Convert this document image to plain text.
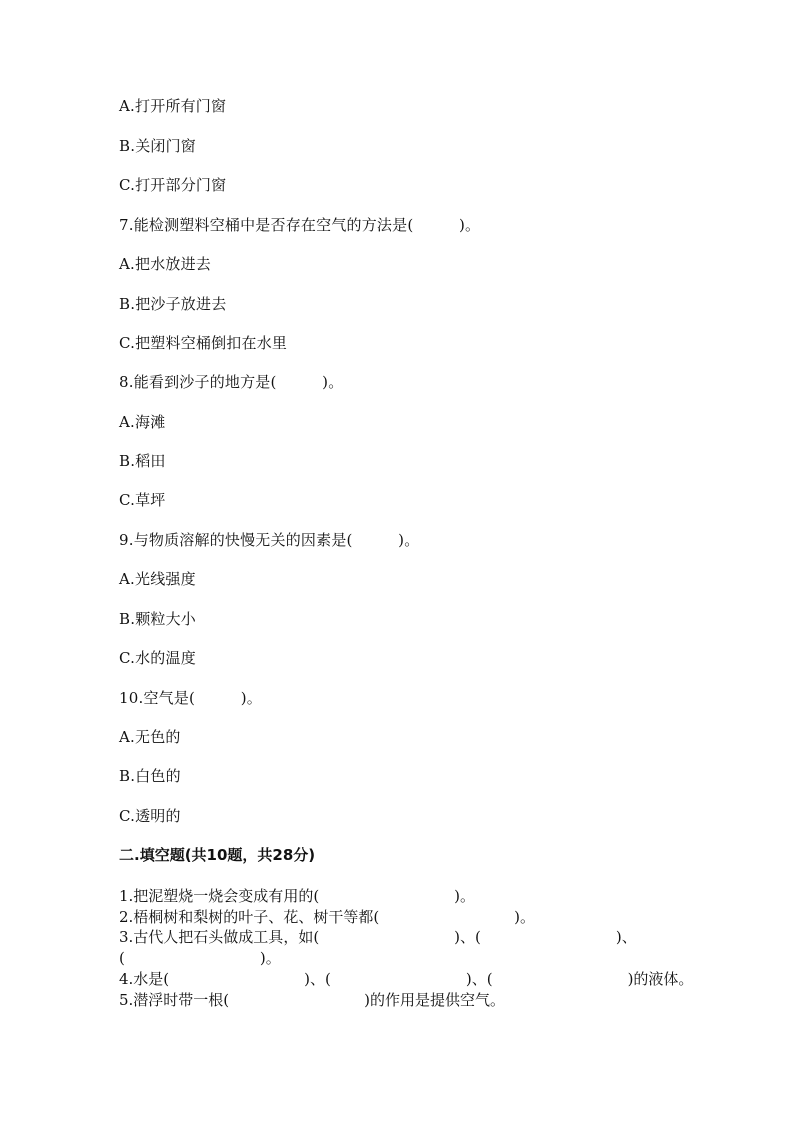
A.打开所有门窗
B.关闭门窗
C.打开部分门窗
7.能检测塑料空桶中是否存在空气的方法是(　　　)。
A.把水放进去
B.把沙子放进去
C.把塑料空桶倒扣在水里
8.能看到沙子的地方是(　　　)。
A.海滩
B.稻田
C.草坪
9.与物质溶解的快慢无关的因素是(　　　)。
A.光线强度
B.颗粒大小
C.水的温度
10.空气是(　　　)。
A.无色的
B.白色的
C.透明的
二.填空题(共10题，共28分)
1.把泥塑烧一烧会变成有用的(　　　　　　　　　)。
2.梧桐树和梨树的叶子、花、树干等都(　　　　　　　　　)。
3.古代人把石头做成工具，如(　　　　　　　　　)、(　　　　　　　　　)、
(　　　　　　　　　)。
4.水是(　　　　　　　　　)、(　　　　　　　　　)、(　　　　　　　　　)的液体。
5.潜浮时带一根(　　　　　　　　　)的作用是提供空气。
